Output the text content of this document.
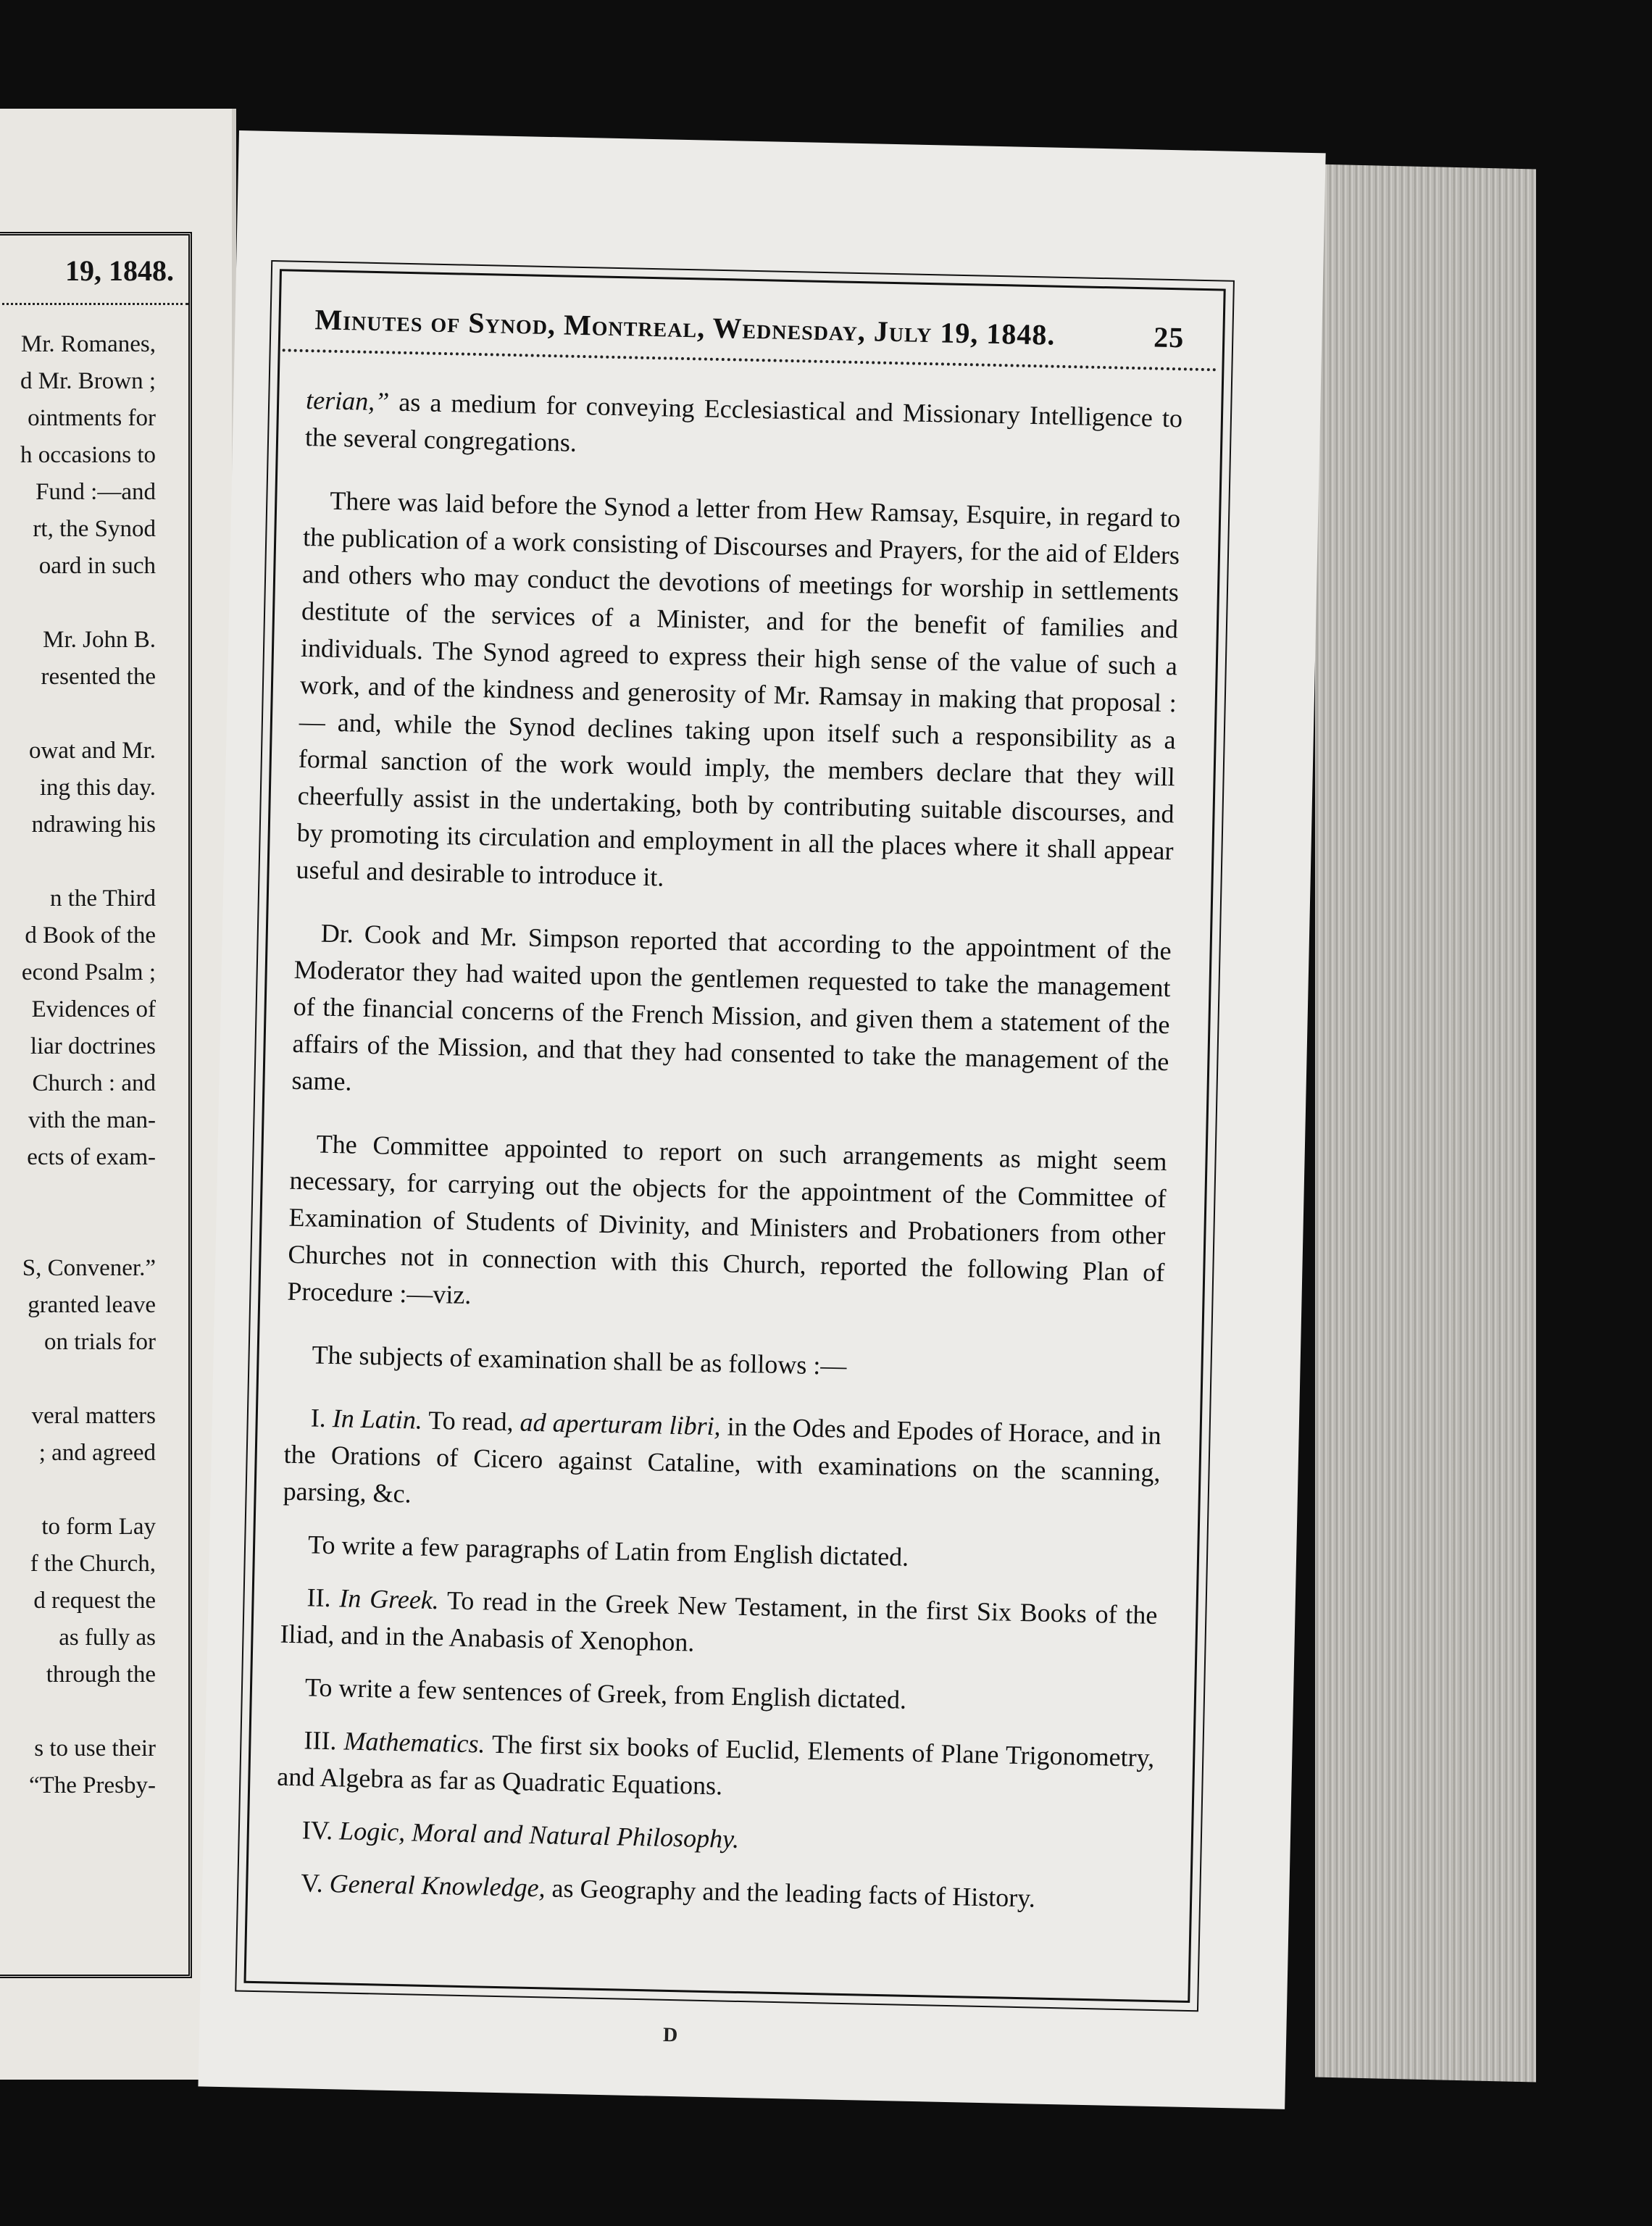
19, 1848.
Mr. Romanes,
d Mr. Brown ;
ointments for
h occasions to
Fund :—and
rt, the Synod
oard in such

Mr. John B.
resented the

owat and Mr.
ing this day.
ndrawing his

n the Third
d Book of the
econd Psalm ;
Evidences of
liar doctrines
Church : and
vith the man-
ects of exam-

S, Convener.”
granted leave
on trials for

veral matters
; and agreed

to form Lay
f the Church,
d request the
as fully as
through the

s to use their
“The Presby-
Minutes of Synod, Montreal, Wednesday, July 19, 1848.	25

terian,” as a medium for conveying Ecclesiastical and Missionary Intelligence to the several congregations.

There was laid before the Synod a letter from Hew Ramsay, Esquire, in regard to the publication of a work consisting of Discourses and Prayers, for the aid of Elders and others who may conduct the devotions of meetings for worship in settlements destitute of the services of a Minister, and for the benefit of families and individuals. The Synod agreed to express their high sense of the value of such a work, and of the kindness and generosity of Mr. Ramsay in making that proposal :— and, while the Synod declines taking upon itself such a responsibility as a formal sanction of the work would imply, the members declare that they will cheerfully assist in the undertaking, both by contributing suitable discourses, and by promoting its circulation and employment in all the places where it shall appear useful and desirable to introduce it.

Dr. Cook and Mr. Simpson reported that according to the appointment of the Moderator they had waited upon the gentlemen requested to take the management of the financial concerns of the French Mission, and given them a statement of the affairs of the Mission, and that they had consented to take the management of the same.

The Committee appointed to report on such arrangements as might seem necessary, for carrying out the objects for the appointment of the Committee of Examination of Students of Divinity, and Ministers and Probationers from other Churches not in connection with this Church, reported the following Plan of Procedure :—viz.

The subjects of examination shall be as follows :—

I. In Latin. To read, ad aperturam libri, in the Odes and Epodes of Horace, and in the Orations of Cicero against Cataline, with examinations on the scanning, parsing, &c.

To write a few paragraphs of Latin from English dictated.

II. In Greek. To read in the Greek New Testament, in the first Six Books of the Iliad, and in the Anabasis of Xenophon.

To write a few sentences of Greek, from English dictated.

III. Mathematics. The first six books of Euclid, Elements of Plane Trigonometry, and Algebra as far as Quadratic Equations.

IV. Logic, Moral and Natural Philosophy.

V. General Knowledge, as Geography and the leading facts of History.

D
